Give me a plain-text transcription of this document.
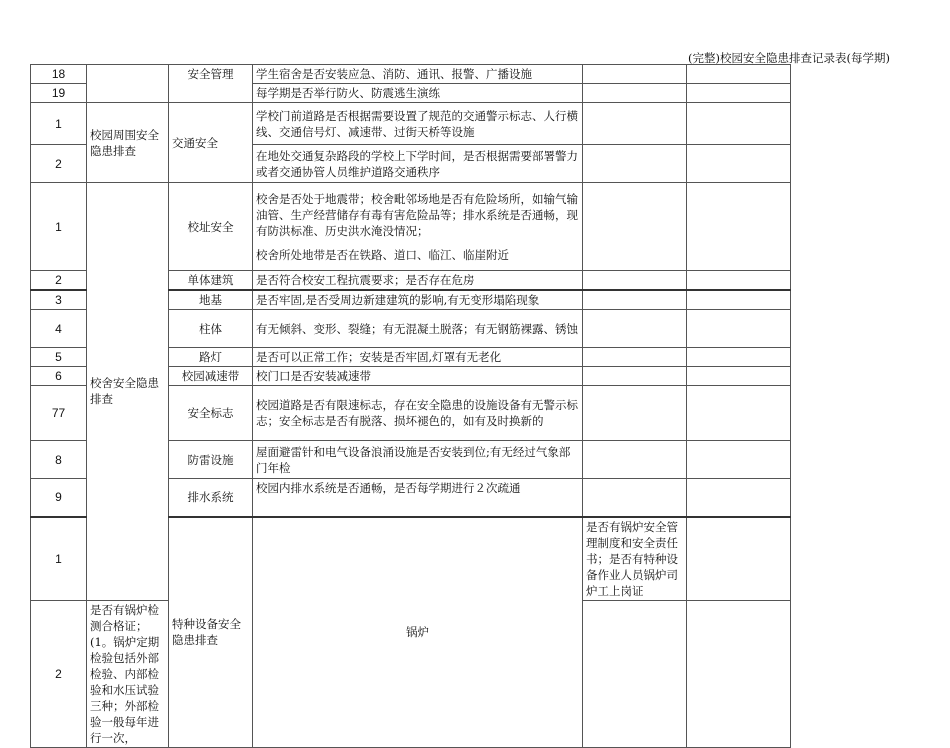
(完整)校园安全隐患排查记录表(每学期)
18		安全管理	学生宿舍是否安装应急、消防、通讯、报警、广播设施			
19			每学期是否举行防火、防震逃生演练			
1	校园周围安全隐患排查	交通安全	学校门前道路是否根据需要设置了规范的交通警示标志、人行横线、交通信号灯、减速带、过街天桥等设施			
2			在地处交通复杂路段的学校上下学时间，是否根据需要部署警力或者交通协管人员维护道路交通秩序			
1	校舍安全隐患排查	校址安全	校舍是否处于地震带；校舍毗邻场地是否有危险场所，如输气输油管、生产经营储存有毒有害危险品等；排水系统是否通畅，现有防洪标准、历史洪水淹没情况；
校舍所处地带是否在铁路、道口、临江、临崖附近			
2		单体建筑	是否符合校安工程抗震要求；是否存在危房			
3		地基	是否牢固,是否受周边新建建筑的影响,有无变形塌陷现象			
4		柱体	有无倾斜、变形、裂缝；有无混凝土脱落；有无钢筋裸露、锈蚀			
5		路灯	是否可以正常工作；安装是否牢固,灯罩有无老化			
6		校园减速带	校门口是否安装减速带			
77		安全标志	校园道路是否有限速标志，存在安全隐患的设施设备有无警示标志；安全标志是否有脱落、损坏褪色的，如有及时换新的			
8		防雷设施	屋面避雷针和电气设备浪涌设施是否安装到位;有无经过气象部门年检			
9		排水系统	校园内排水系统是否通畅，是否每学期进行２次疏通			
1		特种设备安全隐患排查	锅炉	是否有锅炉安全管理制度和安全责任书；是否有特种设备作业人员锅炉司炉工上岗证		
2	是否有锅炉检测合格证；(1。锅炉定期检验包括外部检验、内部检验和水压试验三种；外部检验一般每年进行一次，					
